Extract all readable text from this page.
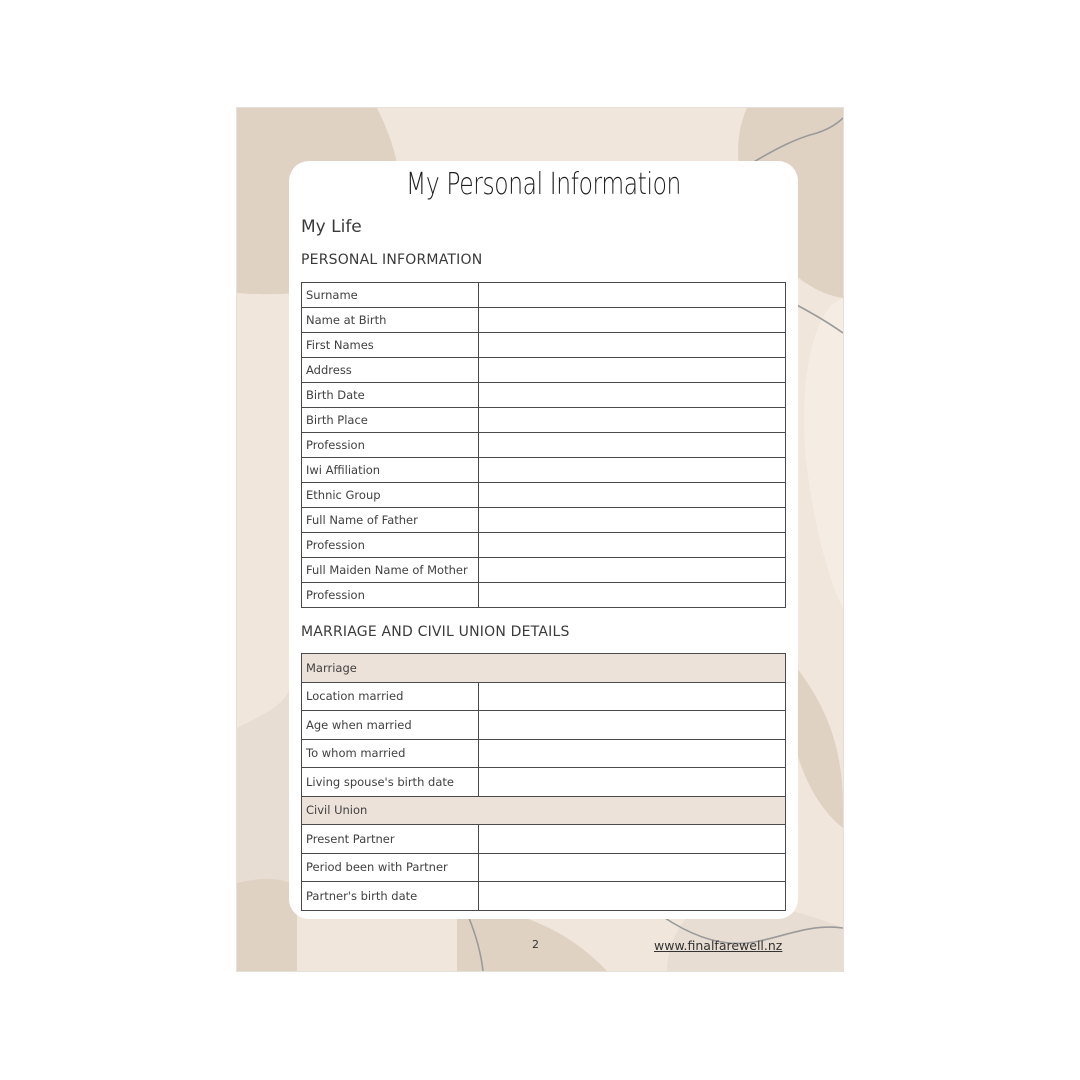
My Personal Information
My Life
PERSONAL INFORMATION
Surname	
Name at Birth	
First Names	
Address	
Birth Date	
Birth Place	
Profession	
Iwi Affiliation	
Ethnic Group	
Full Name of Father	
Profession	
Full Maiden Name of Mother	
Profession	
MARRIAGE AND CIVIL UNION DETAILS
Marriage	
Location married	
Age when married	
To whom married	
Living spouse's birth date	
Civil Union	
Present Partner	
Period been with Partner	
Partner's birth date	
2	www.finalfarewell.nz
